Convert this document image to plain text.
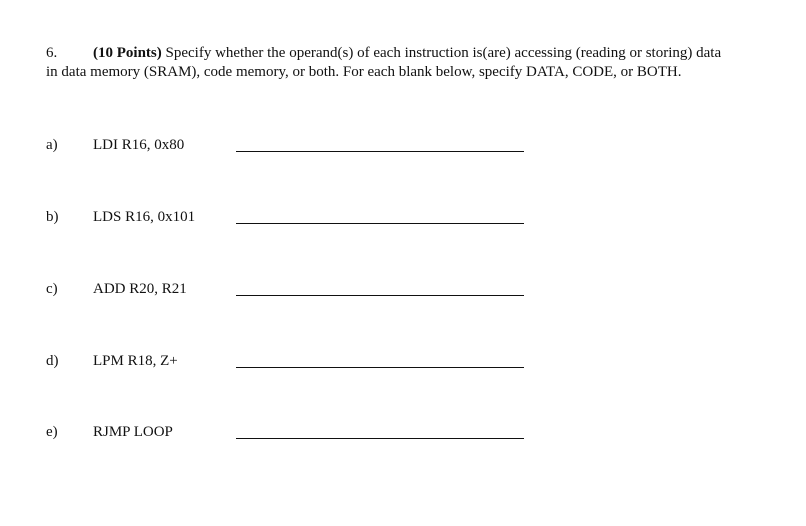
6. (10 Points) Specify whether the operand(s) of each instruction is(are) accessing (reading or storing) data
in data memory (SRAM), code memory, or both. For each blank below, specify DATA, CODE, or BOTH.
a) LDI R16, 0x80
b) LDS R16, 0x101
c) ADD R20, R21
d) LPM R18, Z+
e) RJMP LOOP
